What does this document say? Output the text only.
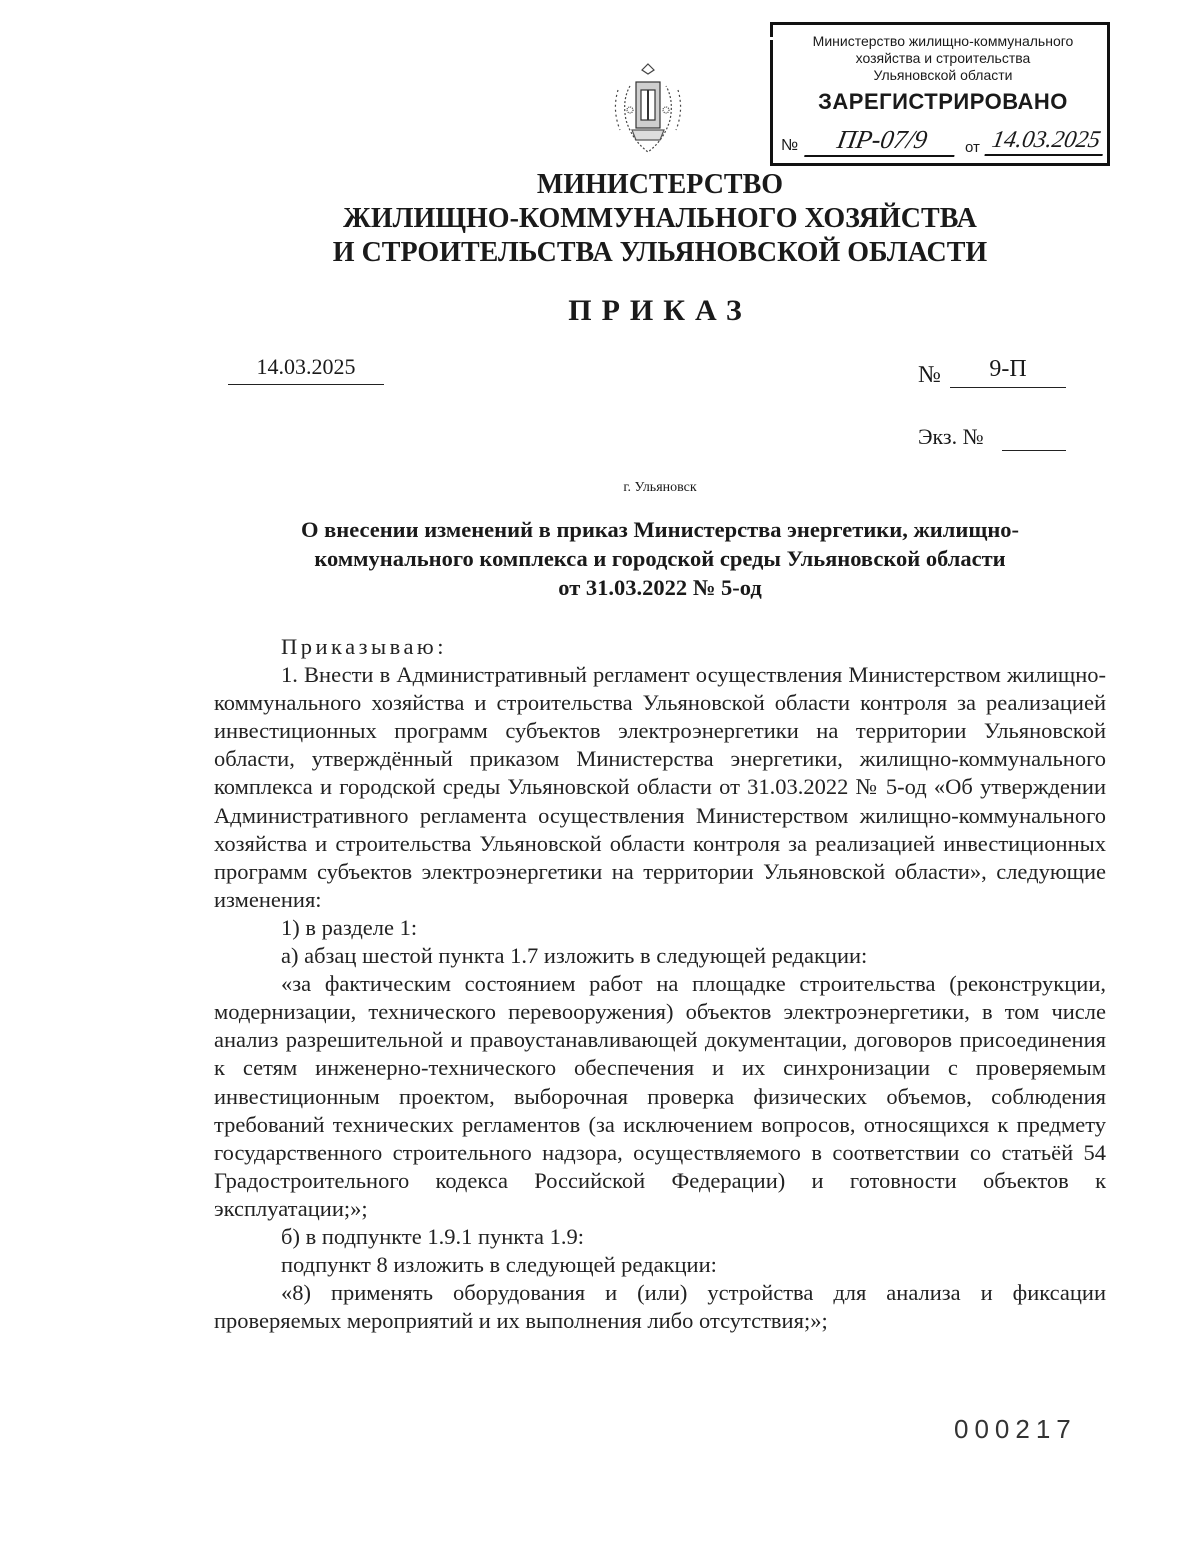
Министерство жилищно-коммунального
хозяйства и строительства
Ульяновской области
ЗАРЕГИСТРИРОВАНО
№	ПР-07/9	от 14.03.2025
МИНИСТЕРСТВО
ЖИЛИЩНО-КОММУНАЛЬНОГО ХОЗЯЙСТВА
И СТРОИТЕЛЬСТВА УЛЬЯНОВСКОЙ ОБЛАСТИ
ПРИКАЗ
14.03.2025	№	9-П
Экз. №
г. Ульяновск
О внесении изменений в приказ Министерства энергетики, жилищно-
коммунального комплекса и городской среды Ульяновской области
от 31.03.2022 № 5-од

Приказываю:

1. Внести в Административный регламент осуществления Министерством жилищно-коммунального хозяйства и строительства Ульяновской области контроля за реализацией инвестиционных программ субъектов электроэнергетики на территории Ульяновской области, утверждённый приказом Министерства энергетики, жилищно-коммунального комплекса и городской среды Ульяновской области от 31.03.2022 № 5-од «Об утверждении Административного регламента осуществления Министерством жилищно-коммунального хозяйства и строительства Ульяновской области контроля за реализацией инвестиционных программ субъектов электроэнергетики на территории Ульяновской области», следующие изменения:

1) в разделе 1:

а) абзац шестой пункта 1.7 изложить в следующей редакции:

«за фактическим состоянием работ на площадке строительства (реконструкции, модернизации, технического перевооружения) объектов электроэнергетики, в том числе анализ разрешительной и правоустанавливающей документации, договоров присоединения к сетям инженерно-технического обеспечения и их синхронизации с проверяемым инвестиционным проектом, выборочная проверка физических объемов, соблюдения требований технических регламентов (за исключением вопросов, относящихся к предмету государственного строительного надзора, осуществляемого в соответствии со статьёй 54 Градостроительного кодекса Российской Федерации) и готовности объектов к эксплуатации;»;

б) в подпункте 1.9.1 пункта 1.9:

подпункт 8 изложить в следующей редакции:

«8) применять оборудования и (или) устройства для анализа и фиксации проверяемых мероприятий и их выполнения либо отсутствия;»;

000217
